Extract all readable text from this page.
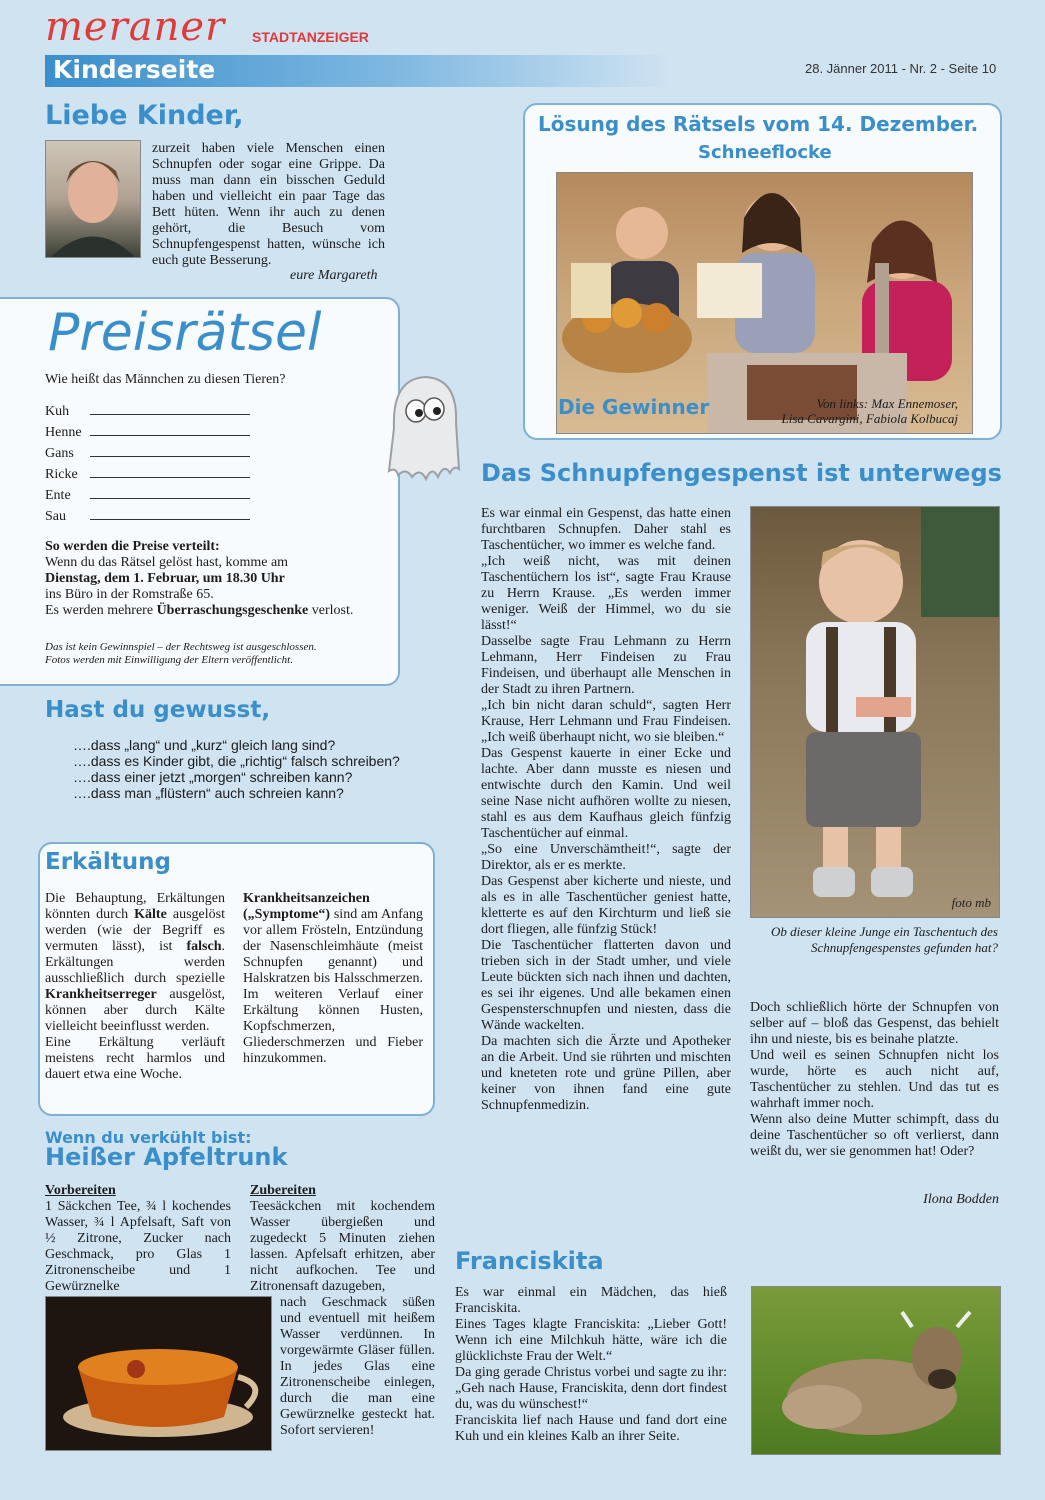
meraner STADTANZEIGER
Kinderseite	28. Jänner 2011 - Nr. 2 - Seite 10
Liebe Kinder,
zurzeit haben viele Menschen einen Schnupfen oder sogar eine Grippe. Da muss man dann ein bisschen Geduld haben und vielleicht ein paar Tage das Bett hüten. Wenn ihr auch zu denen gehört, die Besuch vom Schnupfengespenst hatten, wünsche ich euch gute Besserung.
eure Margareth
Preisrätsel
Wie heißt das Männchen zu diesen Tieren?
Kuh
Henne
Gans
Ricke
Ente
Sau

So werden die Preise verteilt:

Wenn du das Rätsel gelöst hast, komme am

Dienstag, dem 1. Februar, um 18.30 Uhr

ins Büro in der Romstraße 65.

Es werden mehrere Überraschungsgeschenke verlost.

Das ist kein Gewinnspiel – der Rechtsweg ist ausgeschlossen.

Fotos werden mit Einwilligung der Eltern veröffentlicht.

Lösung des Rätsels vom 14. Dezember.
Schneeflocke
Die Gewinner	Von links: Max Ennemoser,

Lisa Cavargini, Fabiola Kolbucaj

Hast du gewusst,

….dass „lang“ und „kurz“ gleich lang sind?

….dass es Kinder gibt, die „richtig“ falsch schreiben?

….dass einer jetzt „morgen“ schreiben kann?

….dass man „flüstern“ auch schreien kann?

Erkältung

Die Behauptung, Erkältungen könnten durch Kälte ausgelöst werden (wie der Begriff es vermuten lässt), ist falsch. Erkältungen werden ausschließlich durch spezielle Krankheitserreger ausgelöst, können aber durch Kälte vielleicht beeinflusst werden.

Eine Erkältung verläuft meistens recht harmlos und dauert etwa eine Woche.

Krankheitsanzeichen („Symptome“) sind am Anfang vor allem Frösteln, Entzündung der Nasenschleimhäute (meist Schnupfen genannt) und Halskratzen bis Halsschmerzen. Im weiteren Verlauf einer Erkältung können Husten, Kopfschmerzen, Gliederschmerzen und Fieber hinzukommen.

Wenn du verkühlt bist:
Heißer Apfeltrunk

Vorbereiten

1 Säckchen Tee, ¾ l kochendes Wasser, ¾ l Apfelsaft, Saft von ½ Zitrone, Zucker nach Geschmack, pro Glas 1 Zitronenscheibe und 1 Gewürznelke

Zubereiten

Teesäckchen mit kochendem Wasser übergießen und zugedeckt 5 Minuten ziehen lassen. Apfelsaft erhitzen, aber nicht aufkochen. Tee und Zitronensaft dazugeben,

nach Geschmack süßen und eventuell mit heißem Wasser verdünnen. In vorgewärmte Gläser füllen. In jedes Glas eine Zitronenscheibe einlegen, durch die man eine Gewürznelke gesteckt hat. Sofort servieren!
Das Schnupfengespenst ist unterwegs

Es war einmal ein Gespenst, das hatte einen furchtbaren Schnupfen. Daher stahl es Taschentücher, wo immer es welche fand.

„Ich weiß nicht, was mit deinen Taschentüchern los ist“, sagte Frau Krause zu Herrn Krause. „Es werden immer weniger. Weiß der Himmel, wo du sie lässt!“

Dasselbe sagte Frau Lehmann zu Herrn Lehmann, Herr Findeisen zu Frau Findeisen, und überhaupt alle Menschen in der Stadt zu ihren Partnern.

„Ich bin nicht daran schuld“, sagten Herr Krause, Herr Lehmann und Frau Findeisen. „Ich weiß überhaupt nicht, wo sie bleiben.“

Das Gespenst kauerte in einer Ecke und lachte. Aber dann musste es niesen und entwischte durch den Kamin. Und weil seine Nase nicht aufhören wollte zu niesen, stahl es aus dem Kaufhaus gleich fünfzig Taschentücher auf einmal.

„So eine Unverschämtheit!“, sagte der Direktor, als er es merkte.

Das Gespenst aber kicherte und nieste, und als es in alle Taschentücher geniest hatte, kletterte es auf den Kirchturm und ließ sie dort fliegen, alle fünfzig Stück!

Die Taschentücher flatterten davon und trieben sich in der Stadt umher, und viele Leute bückten sich nach ihnen und dachten, es sei ihr eigenes. Und alle bekamen einen Gespensterschnupfen und niesten, dass die Wände wackelten.

Da machten sich die Ärzte und Apotheker an die Arbeit. Und sie rührten und mischten und kneteten rote und grüne Pillen, aber keiner von ihnen fand eine gute Schnupfenmedizin.

foto mb
Ob dieser kleine Junge ein Taschentuch des Schnupfengespenstes gefunden hat?

Doch schließlich hörte der Schnupfen von selber auf – bloß das Gespenst, das behielt ihn und nieste, bis es beinahe platzte.

Und weil es seinen Schnupfen nicht los wurde, hörte es auch nicht auf, Taschentücher zu stehlen. Und das tut es wahrhaft immer noch.

Wenn also deine Mutter schimpft, dass du deine Taschentücher so oft verlierst, dann weißt du, wer sie genommen hat! Oder?

Ilona Bodden
Franciskita

Es war einmal ein Mädchen, das hieß Franciskita.

Eines Tages klagte Franciskita: „Lieber Gott! Wenn ich eine Milchkuh hätte, wäre ich die glücklichste Frau der Welt.“

Da ging gerade Christus vorbei und sagte zu ihr: „Geh nach Hause, Franciskita, denn dort findest du, was du wünschest!“

Franciskita lief nach Hause und fand dort eine Kuh und ein kleines Kalb an ihrer Seite.
